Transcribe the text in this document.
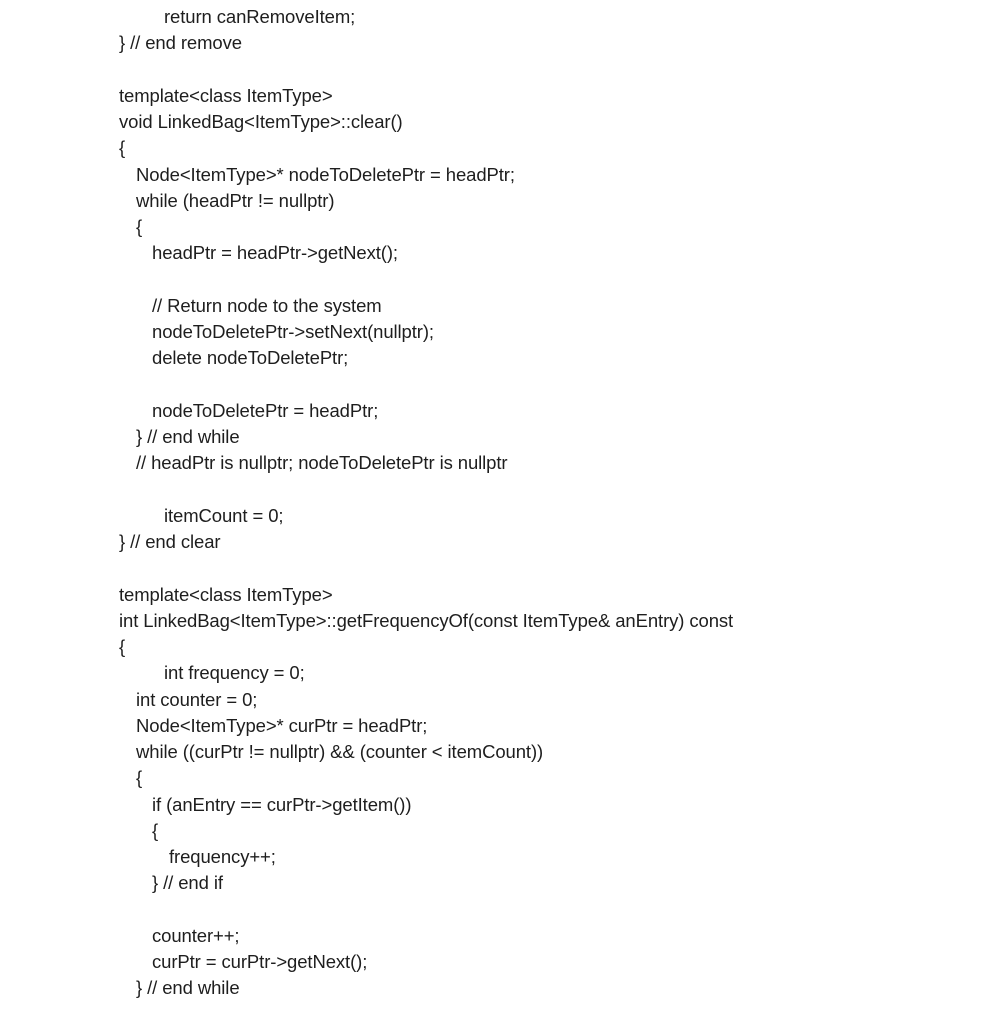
return canRemoveItem;
} // end remove
template<class ItemType>
void LinkedBag<ItemType>::clear()
{
Node<ItemType>* nodeToDeletePtr = headPtr;
while (headPtr != nullptr)
{
headPtr = headPtr->getNext();
// Return node to the system
nodeToDeletePtr->setNext(nullptr);
delete nodeToDeletePtr;
nodeToDeletePtr = headPtr;
} // end while
// headPtr is nullptr; nodeToDeletePtr is nullptr
itemCount = 0;
} // end clear
template<class ItemType>
int LinkedBag<ItemType>::getFrequencyOf(const ItemType& anEntry) const
{
int frequency = 0;
int counter = 0;
Node<ItemType>* curPtr = headPtr;
while ((curPtr != nullptr) && (counter < itemCount))
{
if (anEntry == curPtr->getItem())
{
frequency++;
} // end if
counter++;
curPtr = curPtr->getNext();
} // end while
